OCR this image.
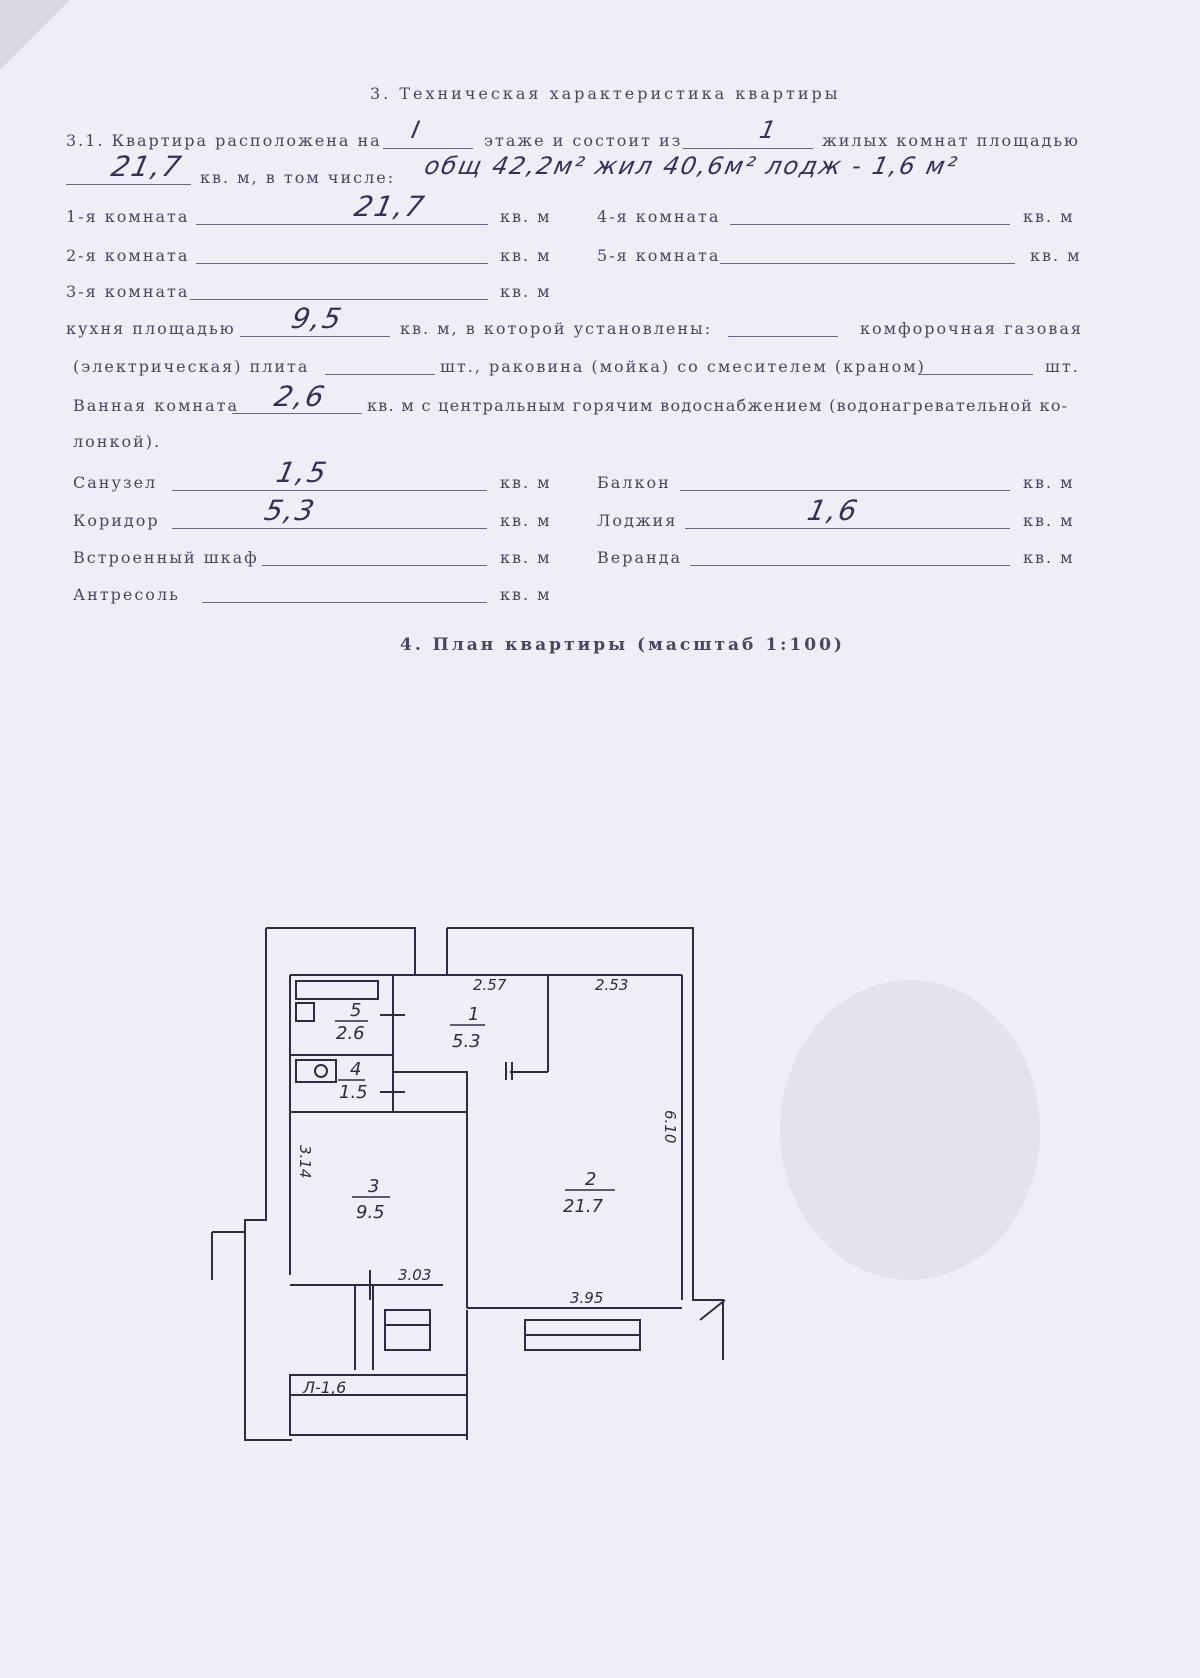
3. Техническая характеристика квартиры
3.1. Квартира расположена на I	этаже и состоит из	1	жилых комнат площадью
21,7 кв. м, в том числе: общ 42,2м² жил 40,6м² лодж - 1,6 м²
1-я комната	21,7	кв. м	4-я комната	кв. м
2-я комната	кв. м	5-я комната	кв. м
3-я комната	кв. м
кухня площадью 9,5	кв. м, в которой установлены:	комфорочная газовая
(электрическая) плита	шт., раковина (мойка) со смесителем (краном)	шт.
Ванная комната 2,6 кв. м с центральным горячим водоснабжением (водонагревательной ко-
лонкой).
Санузел	1,5	кв. м	Балкон	кв. м
Коридор	5,3	кв. м	Лоджия	1,6	кв. м
Встроенный шкаф	кв. м	Веранда	кв. м
Антресоль	кв. м
4. План квартиры (масштаб 1:100)
1
5.3
2
21.7
3
9.5
4
1.5
5
2.6
2.57	2.53
6.10
3.14
3.03
3.95
Л-1,6
